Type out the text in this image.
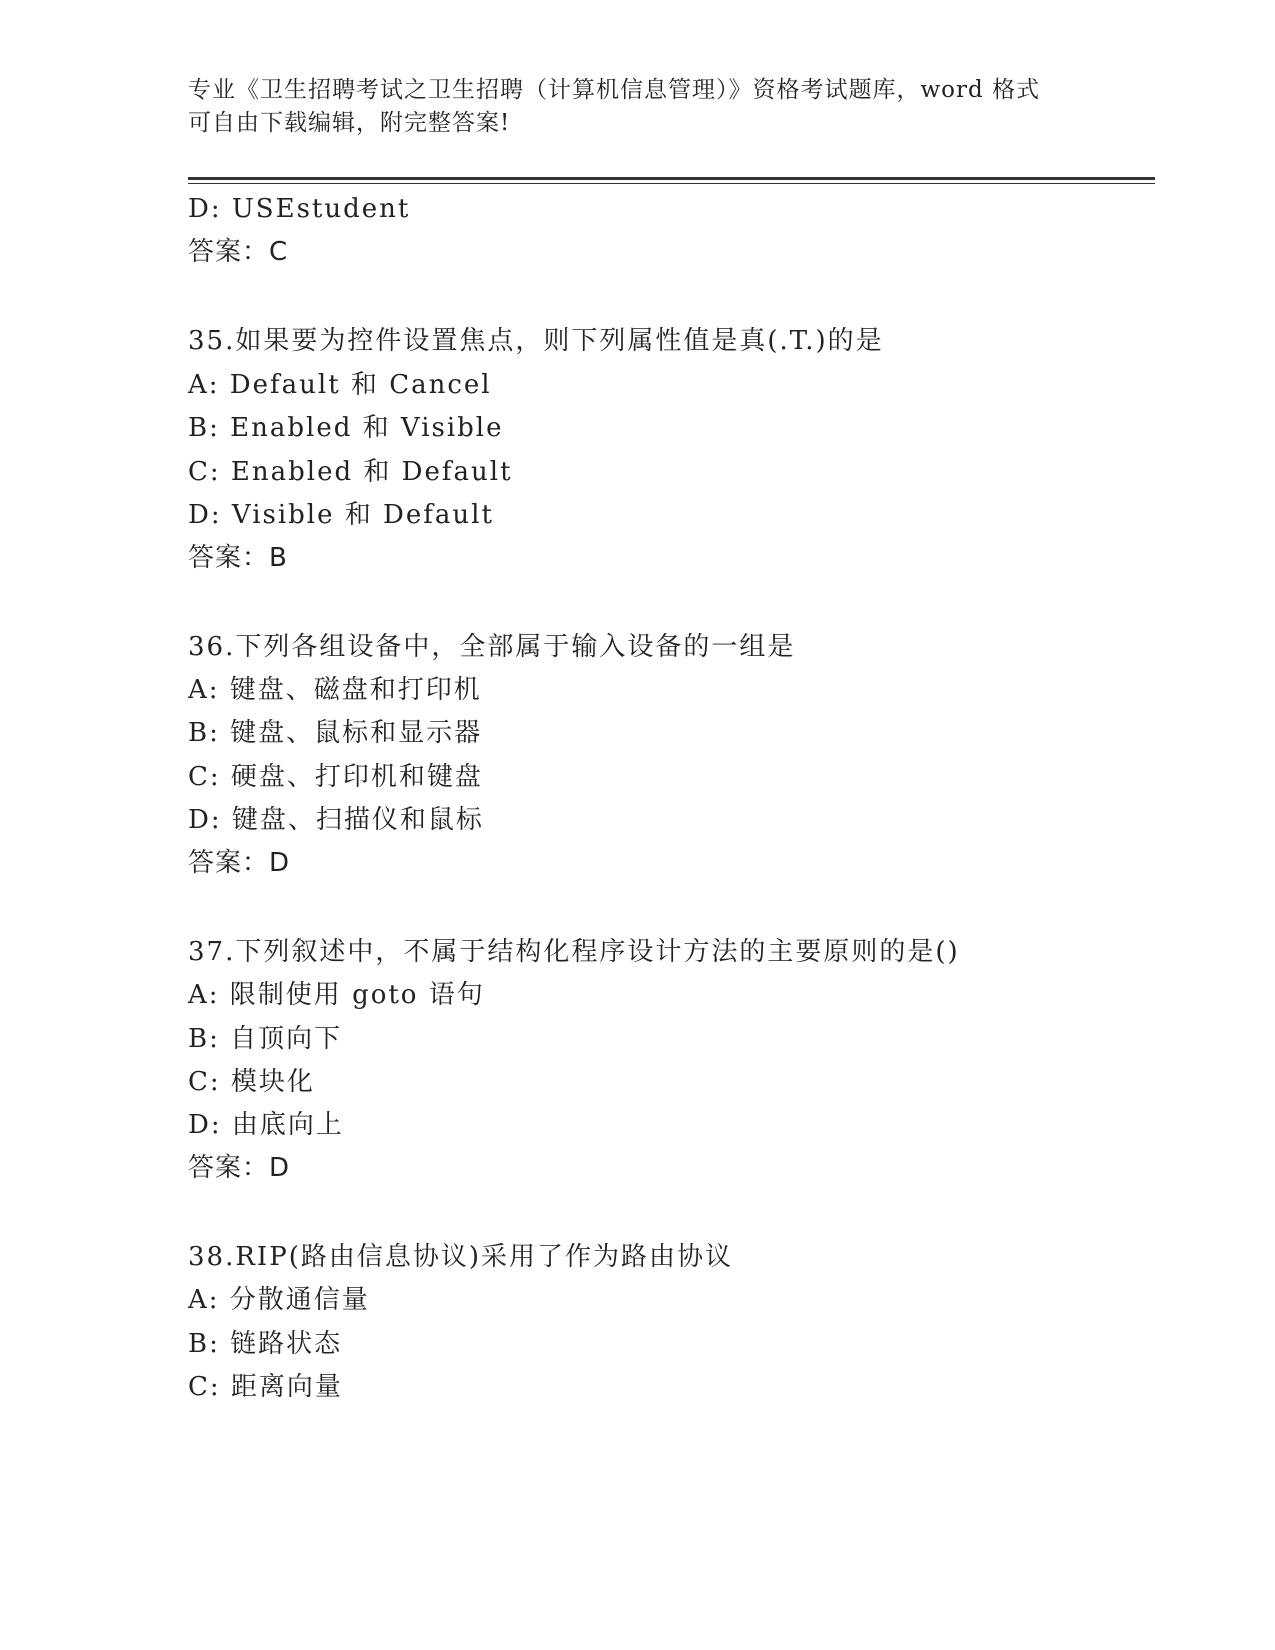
专业《卫生招聘考试之卫生招聘（计算机信息管理）》资格考试题库，word 格式

可自由下载编辑，附完整答案!

D: USEstudent
答案：C
35.如果要为控件设置焦点，则下列属性值是真(.T.)的是
A: Default 和 Cancel
B: Enabled 和 Visible
C: Enabled 和 Default
D: Visible 和 Default
答案：B
36.下列各组设备中，全部属于输入设备的一组是
A: 键盘、磁盘和打印机
B: 键盘、鼠标和显示器
C: 硬盘、打印机和键盘
D: 键盘、扫描仪和鼠标
答案：D
37.下列叙述中，不属于结构化程序设计方法的主要原则的是()
A: 限制使用 goto 语句
B: 自顶向下
C: 模块化
D: 由底向上
答案：D
38.RIP(路由信息协议)采用了作为路由协议
A: 分散通信量
B: 链路状态
C: 距离向量
